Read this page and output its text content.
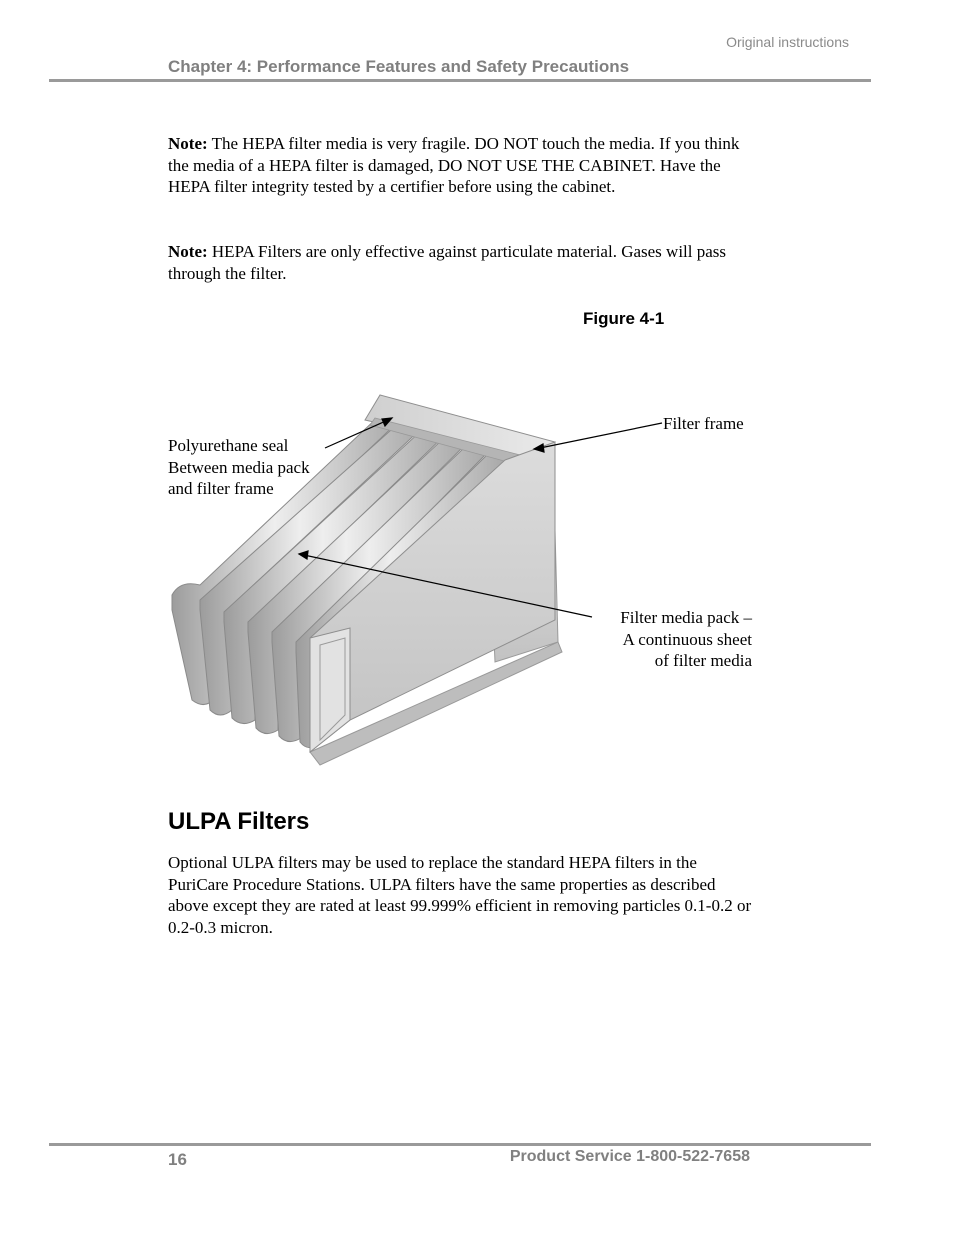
Original instructions
Chapter 4: Performance Features and Safety Precautions
Note: The HEPA filter media is very fragile. DO NOT touch the media. If you think the media of a HEPA filter is damaged, DO NOT USE THE CABINET. Have the HEPA filter integrity tested by a certifier before using the cabinet.
Note: HEPA Filters are only effective against particulate material. Gases will pass through the filter.
Figure 4-1
Polyurethane seal
Between media pack
and filter frame
Filter frame
Filter media pack –
A continuous sheet
of filter media
ULPA Filters
Optional ULPA filters may be used to replace the standard HEPA filters in the PuriCare Procedure Stations. ULPA filters have the same properties as described above except they are rated at least 99.999% efficient in removing particles 0.1-0.2 or 0.2-0.3 micron.
16	Product Service 1-800-522-7658
